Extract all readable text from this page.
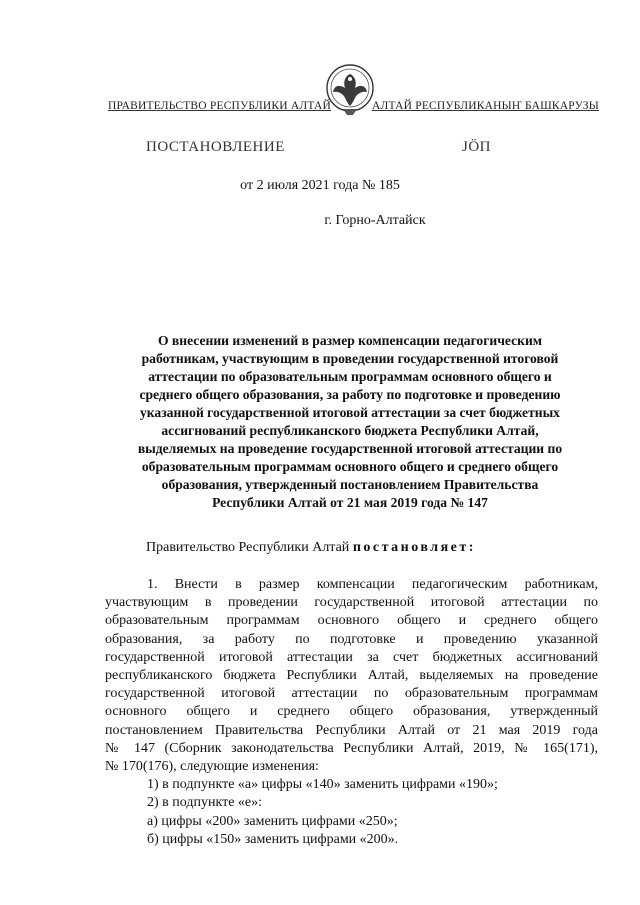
ПРАВИТЕЛЬСТВО РЕСПУБЛИКИ АЛТАЙ	АЛТАЙ РЕСПУБЛИКАНЫҤ БАШКАРУЗЫ
ПОСТАНОВЛЕНИЕ	ЈӦП
от 2 июля 2021 года № 185
г. Горно-Алтайск
О внесении изменений в размер компенсации педагогическим
работникам, участвующим в проведении государственной итоговой
аттестации по образовательным программам основного общего и
среднего общего образования, за работу по подготовке и проведению
указанной государственной итоговой аттестации за счет бюджетных
ассигнований республиканского бюджета Республики Алтай,
выделяемых на проведение государственной итоговой аттестации по
образовательным программам основного общего и среднего общего
образования, утвержденный постановлением Правительства
Республики Алтай от 21 мая 2019 года № 147
Правительство Республики Алтай постановляет:
1. Внести в размер компенсации педагогическим работникам,
участвующим в проведении государственной итоговой аттестации по
образовательным программам основного общего и среднего общего
образования, за работу по подготовке и проведению указанной
государственной итоговой аттестации за счет бюджетных ассигнований
республиканского бюджета Республики Алтай, выделяемых на проведение
государственной итоговой аттестации по образовательным программам
основного общего и среднего общего образования, утвержденный
постановлением Правительства Республики Алтай от 21 мая 2019 года
№ 147 (Сборник законодательства Республики Алтай, 2019, № 165(171),
№ 170(176), следующие изменения:
1) в подпункте «а» цифры «140» заменить цифрами «190»;
2) в подпункте «е»:
а) цифры «200» заменить цифрами «250»;
б) цифры «150» заменить цифрами «200».
